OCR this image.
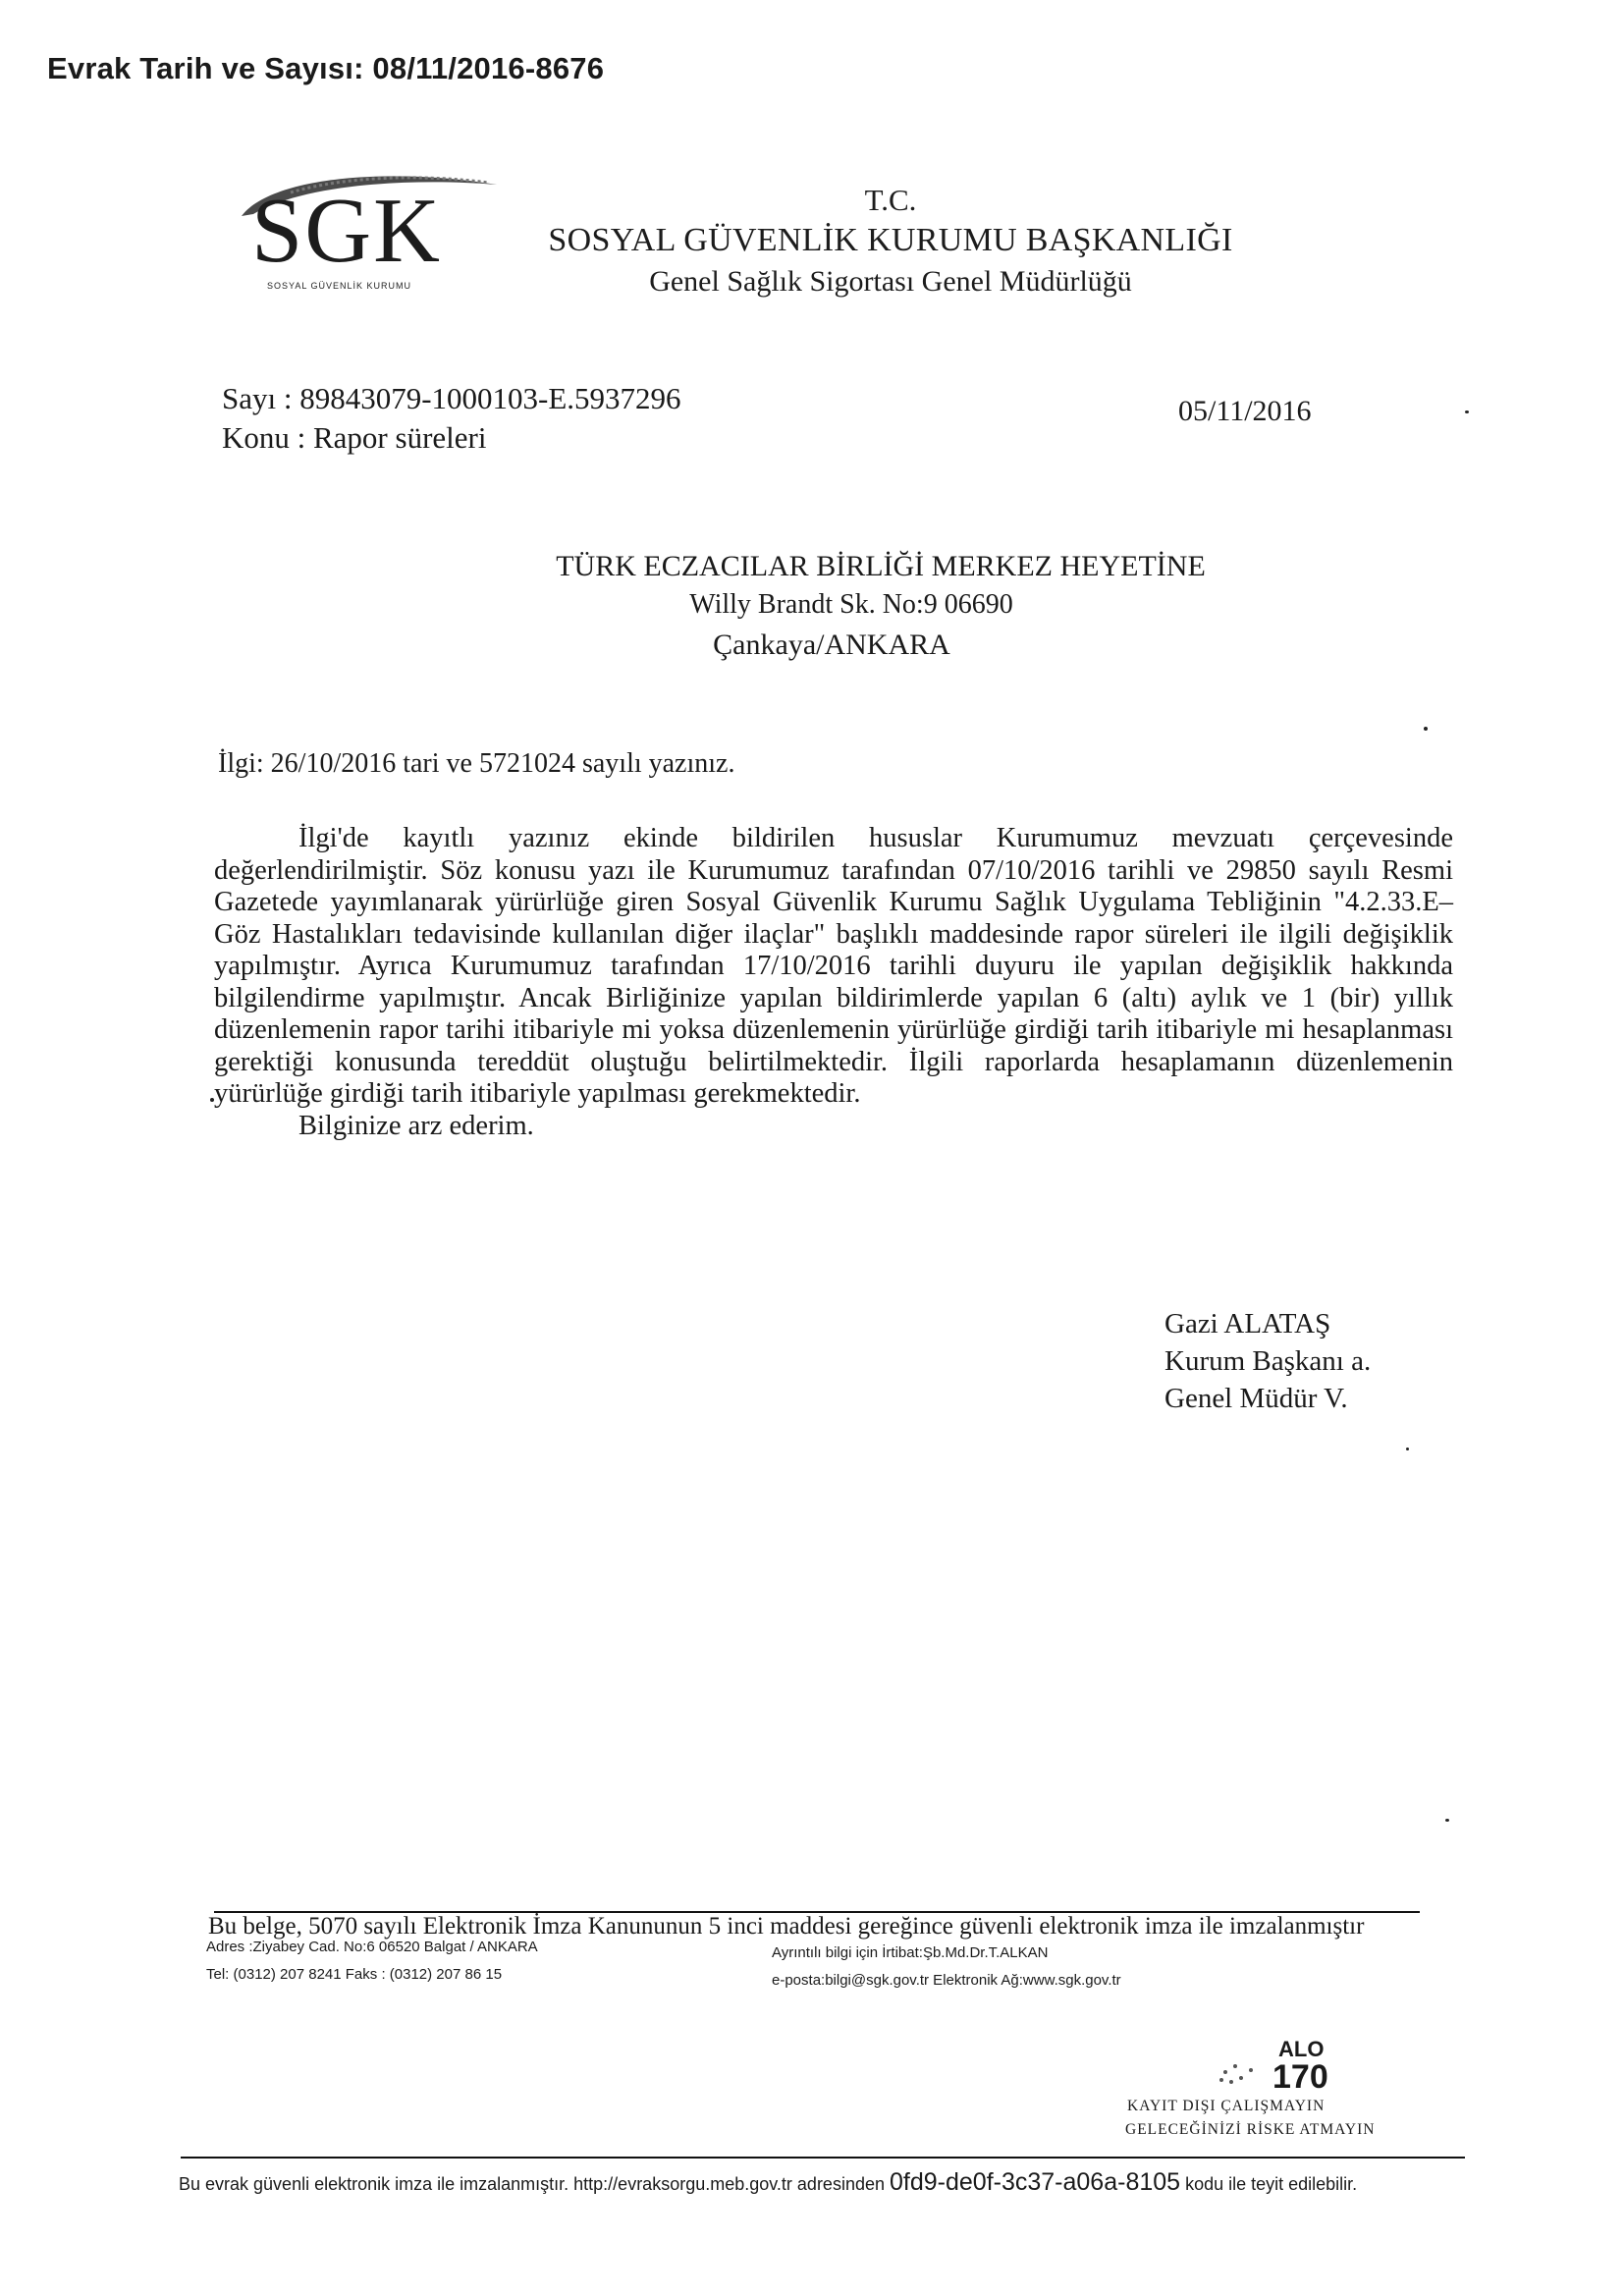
Evrak Tarih ve Sayısı: 08/11/2016-8676
SGK
SOSYAL GÜVENLİK KURUMU
T.C.
SOSYAL GÜVENLİK KURUMU BAŞKANLIĞI
Genel Sağlık Sigortası Genel Müdürlüğü
Sayı : 89843079-1000103-E.5937296
Konu : Rapor süreleri
05/11/2016
TÜRK ECZACILAR BİRLİĞİ MERKEZ HEYETİNE
Willy Brandt Sk. No:9 06690
Çankaya/ANKARA
İlgi: 26/10/2016 tari ve 5721024 sayılı yazınız.

İlgi'de kayıtlı yazınız ekinde bildirilen hususlar Kurumumuz mevzuatı çerçevesinde değerlendirilmiştir. Söz konusu yazı ile Kurumumuz tarafından 07/10/2016 tarihli ve 29850 sayılı Resmi Gazetede yayımlanarak yürürlüğe giren Sosyal Güvenlik Kurumu Sağlık Uygulama Tebliğinin "4.2.33.E– Göz Hastalıkları tedavisinde kullanılan diğer ilaçlar" başlıklı maddesinde rapor süreleri ile ilgili değişiklik yapılmıştır. Ayrıca Kurumumuz tarafından 17/10/2016 tarihli duyuru ile yapılan değişiklik hakkında bilgilendirme yapılmıştır. Ancak Birliğinize yapılan bildirimlerde yapılan 6 (altı) aylık ve 1 (bir) yıllık düzenlemenin rapor tarihi itibariyle mi yoksa düzenlemenin yürürlüğe girdiği tarih itibariyle mi hesaplanması gerektiği konusunda tereddüt oluştuğu belirtilmektedir. İlgili raporlarda hesaplamanın düzenlemenin yürürlüğe girdiği tarih itibariyle yapılması gerekmektedir.

Bilginize arz ederim.

Gazi ALATAŞ
Kurum Başkanı a.
Genel Müdür V.
Bu belge, 5070 sayılı Elektronik İmza Kanununun 5 inci maddesi gereğince güvenli elektronik imza ile imzalanmıştır
Adres :Ziyabey Cad. No:6 06520 Balgat / ANKARA
Tel: (0312) 207 8241 Faks : (0312) 207 86 15
Ayrıntılı bilgi için İrtibat:Şb.Md.Dr.T.ALKAN
e-posta:bilgi@sgk.gov.tr Elektronik Ağ:www.sgk.gov.tr
ALO
170
KAYIT DIŞI ÇALIŞMAYIN
GELECEĞİNİZİ RİSKE ATMAYIN
Bu evrak güvenli elektronik imza ile imzalanmıştır. http://evraksorgu.meb.gov.tr adresinden 0fd9-de0f-3c37-a06a-8105 kodu ile teyit edilebilir.
